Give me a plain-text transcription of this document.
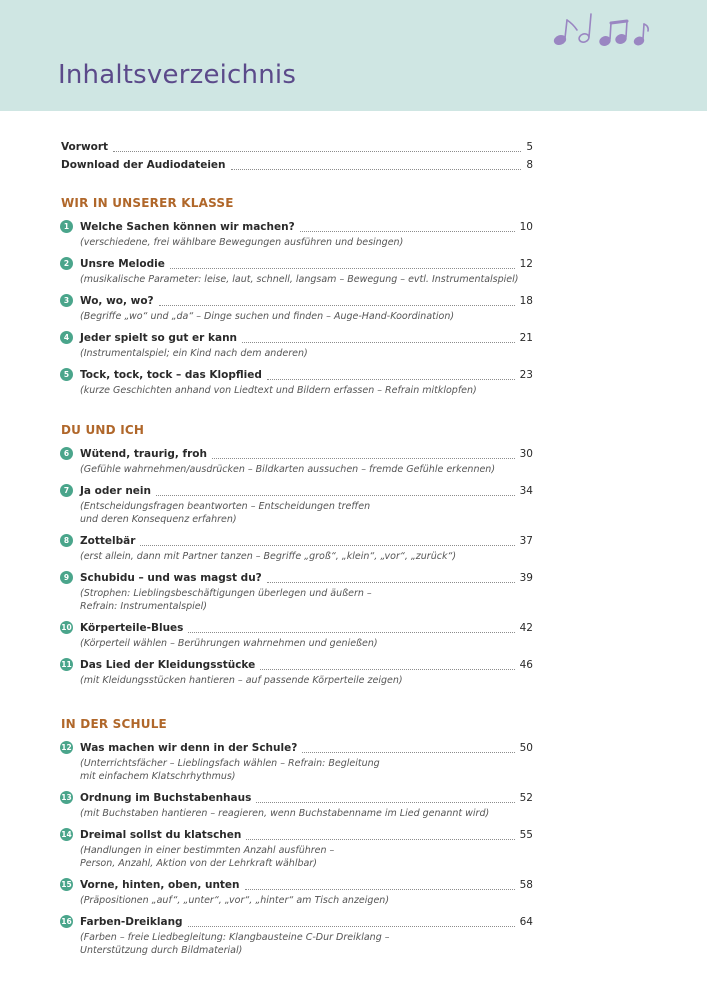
Inhaltsverzeichnis
Vorwort	5
Download der Audiodateien	8
WIR IN UNSERER KLASSE
1	Welche Sachen können wir machen?	10
(verschiedene, frei wählbare Bewegungen ausführen und besingen)
2	Unsre Melodie	12
(musikalische Parameter: leise, laut, schnell, langsam – Bewegung – evtl. Instrumentalspiel)
3	Wo, wo, wo?	18
(Begriffe „wo“ und „da“ – Dinge suchen und finden – Auge-Hand-Koordination)
4	Jeder spielt so gut er kann	21
(Instrumentalspiel; ein Kind nach dem anderen)
5	Tock, tock, tock – das Klopflied	23
(kurze Geschichten anhand von Liedtext und Bildern erfassen – Refrain mitklopfen)
DU UND ICH
6	Wütend, traurig, froh	30
(Gefühle wahrnehmen/ausdrücken – Bildkarten aussuchen – fremde Gefühle erkennen)
7	Ja oder nein	34
(Entscheidungsfragen beantworten – Entscheidungen treffen
und deren Konsequenz erfahren)
8	Zottelbär	37
(erst allein, dann mit Partner tanzen – Begriffe „groß“, „klein“, „vor“, „zurück“)
9	Schubidu – und was magst du?	39
(Strophen: Lieblingsbeschäftigungen überlegen und äußern –
Refrain: Instrumentalspiel)
10 Körperteile-Blues	42
(Körperteil wählen – Berührungen wahrnehmen und genießen)
11 Das Lied der Kleidungsstücke	46
(mit Kleidungsstücken hantieren – auf passende Körperteile zeigen)
IN DER SCHULE
12 Was machen wir denn in der Schule?	50
(Unterrichtsfächer – Lieblingsfach wählen – Refrain: Begleitung
mit einfachem Klatschrhythmus)
13 Ordnung im Buchstabenhaus	52
(mit Buchstaben hantieren – reagieren, wenn Buchstabenname im Lied genannt wird)
14 Dreimal sollst du klatschen	55
(Handlungen in einer bestimmten Anzahl ausführen –
Person, Anzahl, Aktion von der Lehrkraft wählbar)
15 Vorne, hinten, oben, unten	58
(Präpositionen „auf“, „unter“, „vor“, „hinter“ am Tisch anzeigen)
16 Farben-Dreiklang	64
(Farben – freie Liedbegleitung: Klangbausteine C-Dur Dreiklang –
Unterstützung durch Bildmaterial)
